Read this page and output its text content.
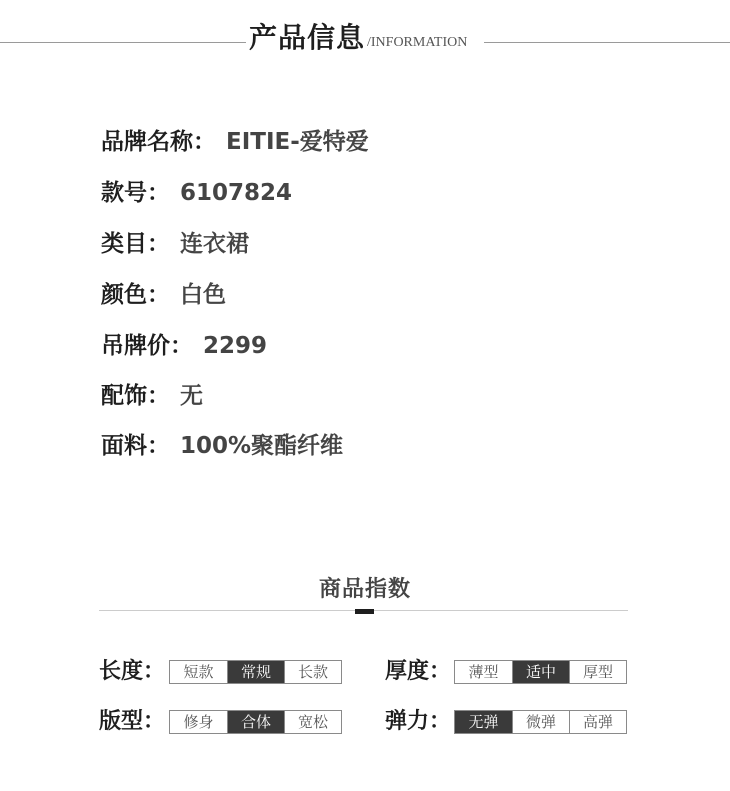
产品信息 /INFORMATION
品牌名称： EITIE-爱特爱
款号： 6107824
类目： 连衣裙
颜色： 白色
吊牌价： 2299
配饰： 无
面料： 100%聚酯纤维
商品指数
长度：	短款	常规	长款	厚度：	薄型	适中	厚型
版型：	修身	合体	宽松	弹力：	无弹	微弹	高弹
